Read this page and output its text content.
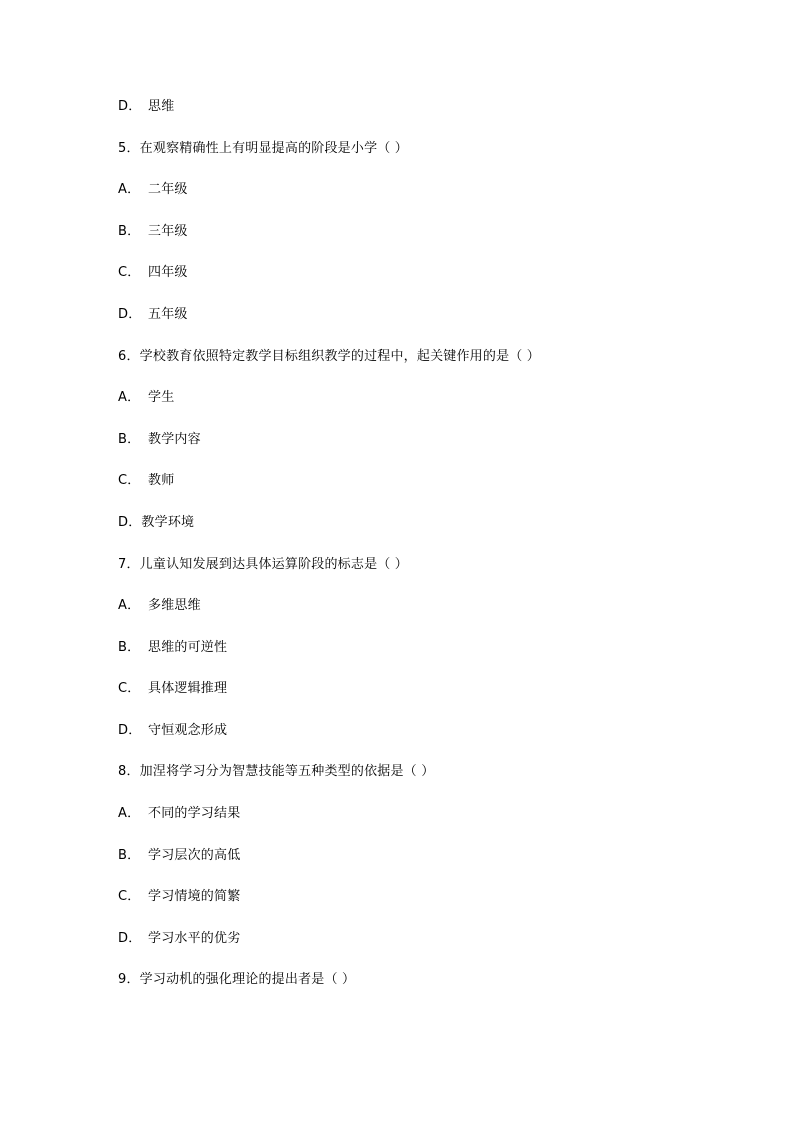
D． 思维
5．在观察精确性上有明显提高的阶段是小学（ ）
A． 二年级
B． 三年级
C． 四年级
D． 五年级
6．学校教育依照特定教学目标组织教学的过程中，起关键作用的是（ ）
A． 学生
B． 教学内容
C． 教师
D．教学环境
7．儿童认知发展到达具体运算阶段的标志是（ ）
A． 多维思维
B． 思维的可逆性
C． 具体逻辑推理
D． 守恒观念形成
8．加涅将学习分为智慧技能等五种类型的依据是（ ）
A． 不同的学习结果
B． 学习层次的高低
C． 学习情境的简繁
D． 学习水平的优劣
9．学习动机的强化理论的提出者是（ ）
